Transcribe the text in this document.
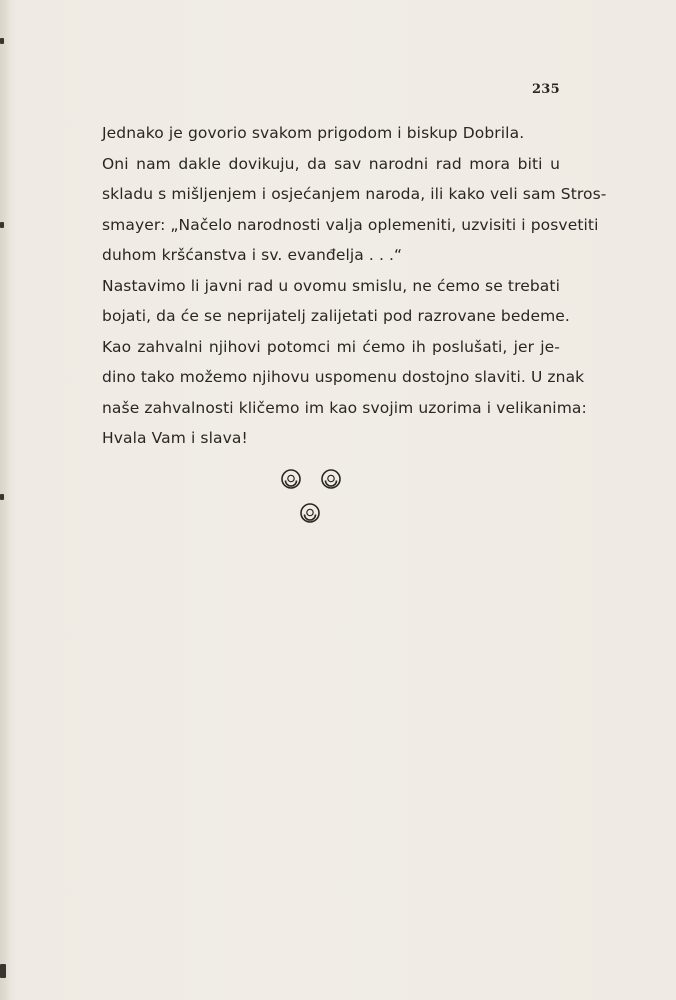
235
Jednako je govorio svakom prigodom i biskup Dobrila.
Oni nam dakle dovikuju, da sav narodni rad mora biti u
skladu s mišljenjem i osjećanjem naroda, ili kako veli sam Stros-
smayer: „Načelo narodnosti valja oplemeniti, uzvisiti i posvetiti
duhom kršćanstva i sv. evanđelja . . .“
Nastavimo li javni rad u ovomu smislu, ne ćemo se trebati
bojati, da će se neprijatelj zalijetati pod razrovane bedeme.
Kao zahvalni njihovi potomci mi ćemo ih poslušati, jer je-
dino tako možemo njihovu uspomenu dostojno slaviti. U znak
naše zahvalnosti kličemo im kao svojim uzorima i velikanima:
Hvala Vam i slava!
